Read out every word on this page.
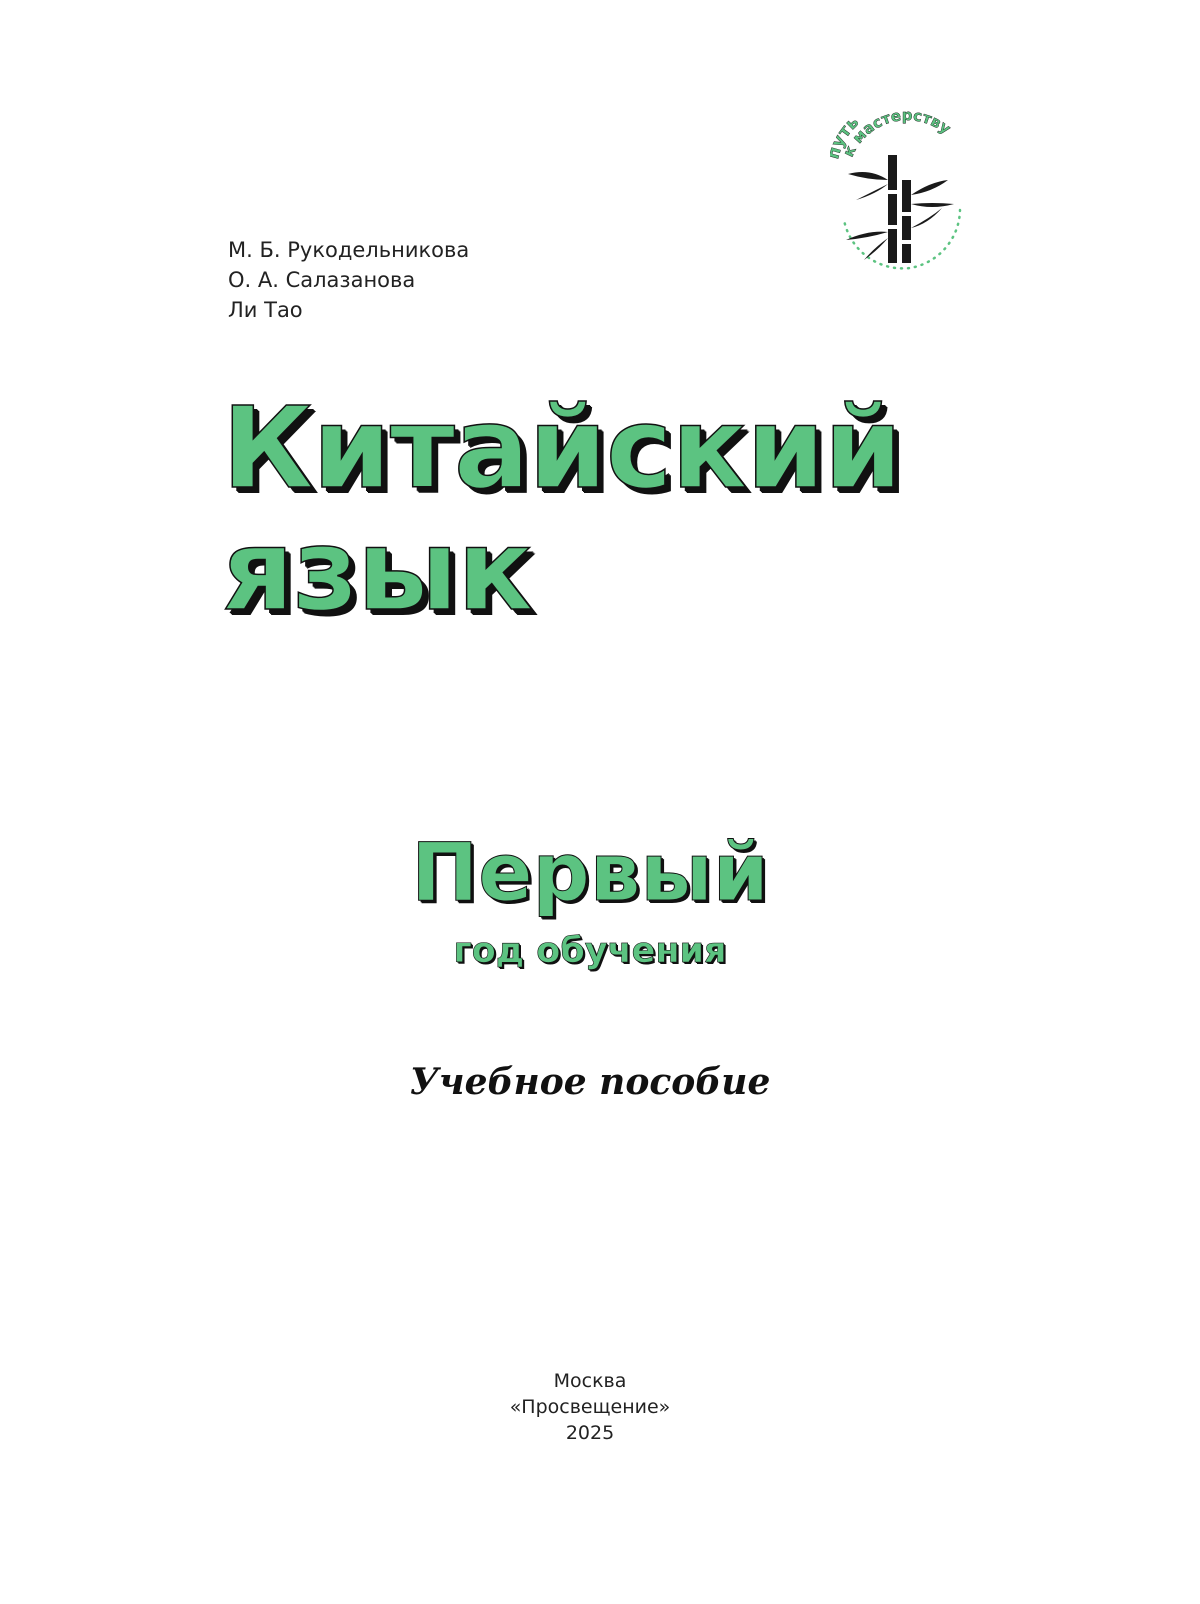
М. Б. Рукодельникова
О. А. Салазанова
Ли Тао
ть
к мастерству
Китайский
язык
Первый
год обучения
Учебное пособие
Москва
«Просвещение»
2025
